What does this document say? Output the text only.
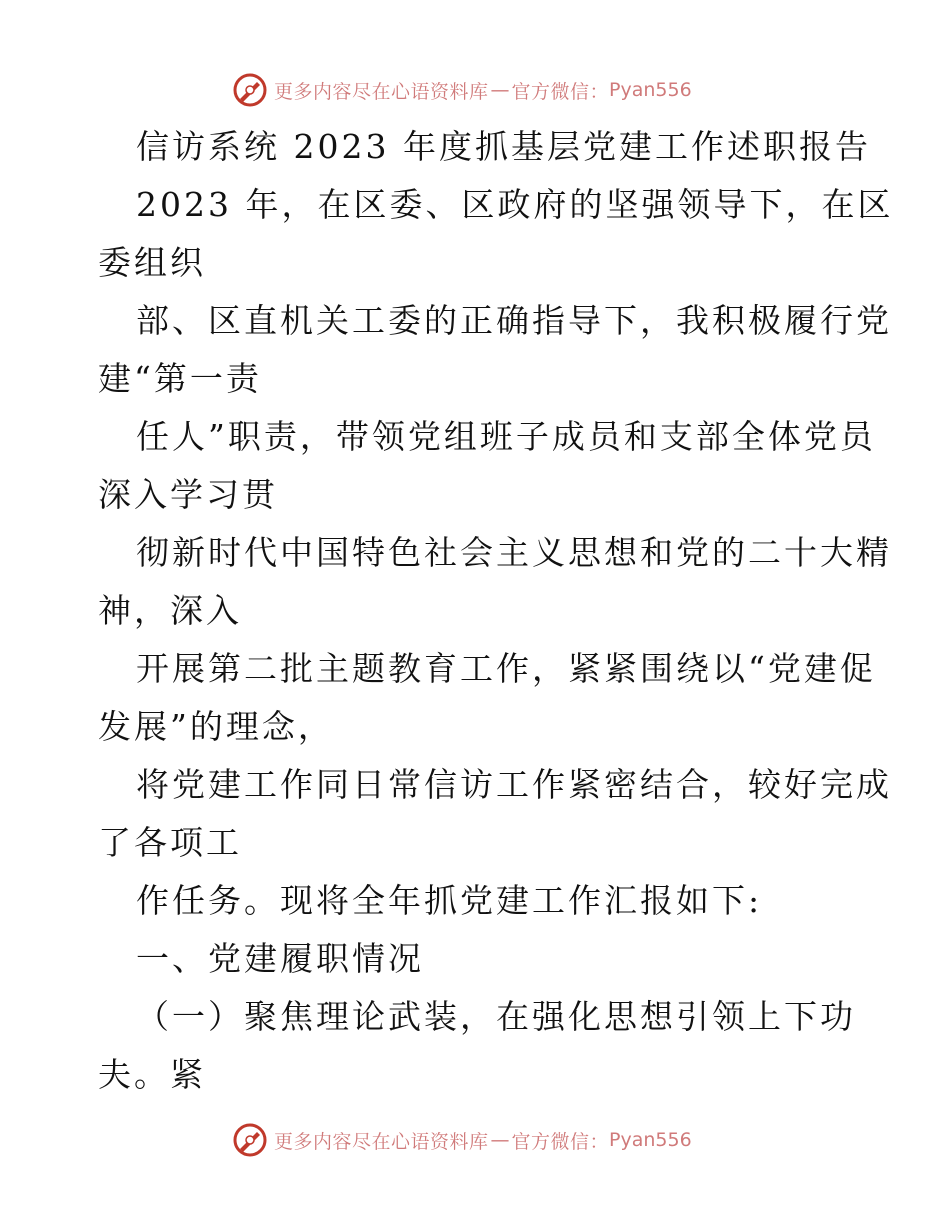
更多内容尽在心语资料库 — 官方微信： Pyan556
信访系统 2023 年度抓基层党建工作述职报告
2023 年，在区委、区政府的坚强领导下，在区
委组织
部、区直机关工委的正确指导下，我积极履行党
建“第一责
任人”职责，带领党组班子成员和支部全体党员
深入学习贯
彻新时代中国特色社会主义思想和党的二十大精
神，深入
开展第二批主题教育工作，紧紧围绕以“党建促
发展”的理念，
将党建工作同日常信访工作紧密结合，较好完成
了各项工
作任务。现将全年抓党建工作汇报如下:
一、党建履职情况
（一）聚焦理论武装，在强化思想引领上下功
夫。紧
更多内容尽在心语资料库 — 官方微信： Pyan556
